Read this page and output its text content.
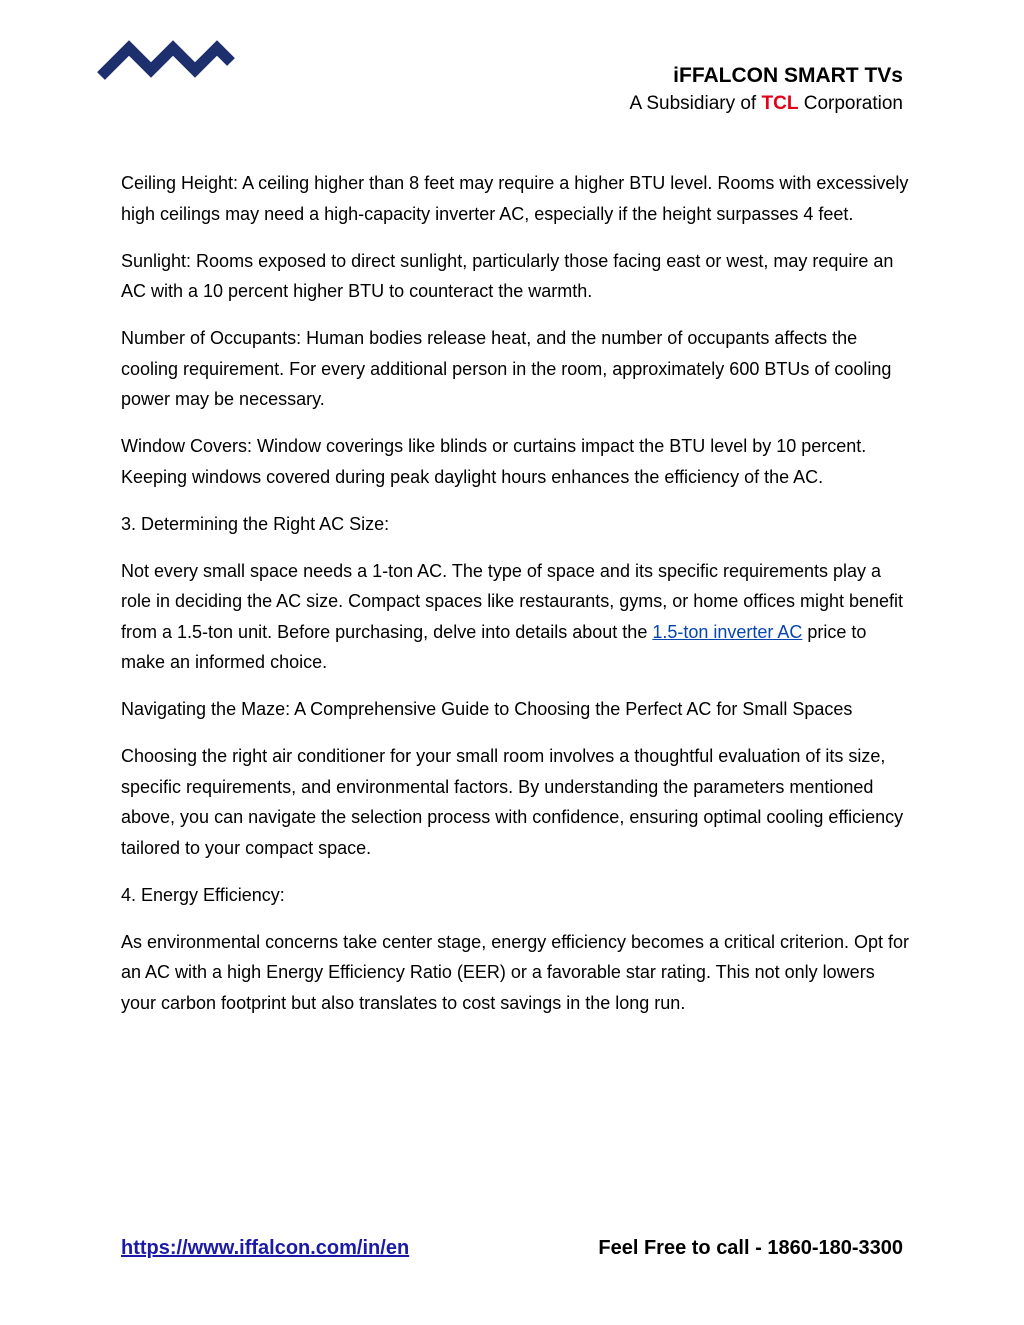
iFFALCON SMART TVs
A Subsidiary of TCL Corporation

Ceiling Height: A ceiling higher than 8 feet may require a higher BTU level. Rooms with excessively high ceilings may need a high-capacity inverter AC, especially if the height surpasses 4 feet.

Sunlight: Rooms exposed to direct sunlight, particularly those facing east or west, may require an AC with a 10 percent higher BTU to counteract the warmth.

Number of Occupants: Human bodies release heat, and the number of occupants affects the cooling requirement. For every additional person in the room, approximately 600 BTUs of cooling power may be necessary.

Window Covers: Window coverings like blinds or curtains impact the BTU level by 10 percent. Keeping windows covered during peak daylight hours enhances the efficiency of the AC.

3. Determining the Right AC Size:

Not every small space needs a 1-ton AC. The type of space and its specific requirements play a role in deciding the AC size. Compact spaces like restaurants, gyms, or home offices might benefit from a 1.5-ton unit. Before purchasing, delve into details about the 1.5-ton inverter AC price to make an informed choice.

Navigating the Maze: A Comprehensive Guide to Choosing the Perfect AC for Small Spaces

Choosing the right air conditioner for your small room involves a thoughtful evaluation of its size, specific requirements, and environmental factors. By understanding the parameters mentioned above, you can navigate the selection process with confidence, ensuring optimal cooling efficiency tailored to your compact space.

4. Energy Efficiency:

As environmental concerns take center stage, energy efficiency becomes a critical criterion. Opt for an AC with a high Energy Efficiency Ratio (EER) or a favorable star rating. This not only lowers your carbon footprint but also translates to cost savings in the long run.

https://www.iffalcon.com/in/en	Feel Free to call - 1860-180-3300
